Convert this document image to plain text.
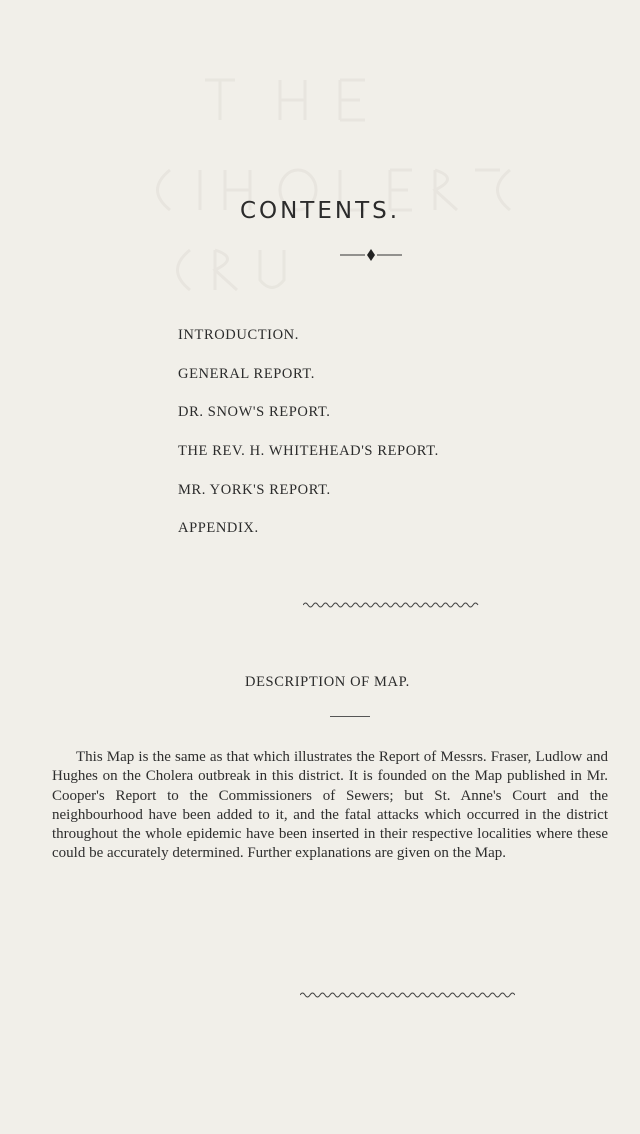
CONTENTS.
INTRODUCTION.
GENERAL REPORT.
DR. SNOW'S REPORT.
THE REV. H. WHITEHEAD'S REPORT.
MR. YORK'S REPORT.
APPENDIX.
DESCRIPTION OF MAP.

This Map is the same as that which illustrates the Report of Messrs. Fraser, Ludlow and Hughes on the Cholera outbreak in this district. It is founded on the Map published in Mr. Cooper's Report to the Commissioners of Sewers; but St. Anne's Court and the neighbourhood have been added to it, and the fatal attacks which occurred in the district throughout the whole epidemic have been inserted in their respective localities where these could be accurately determined. Further explanations are given on the Map.
